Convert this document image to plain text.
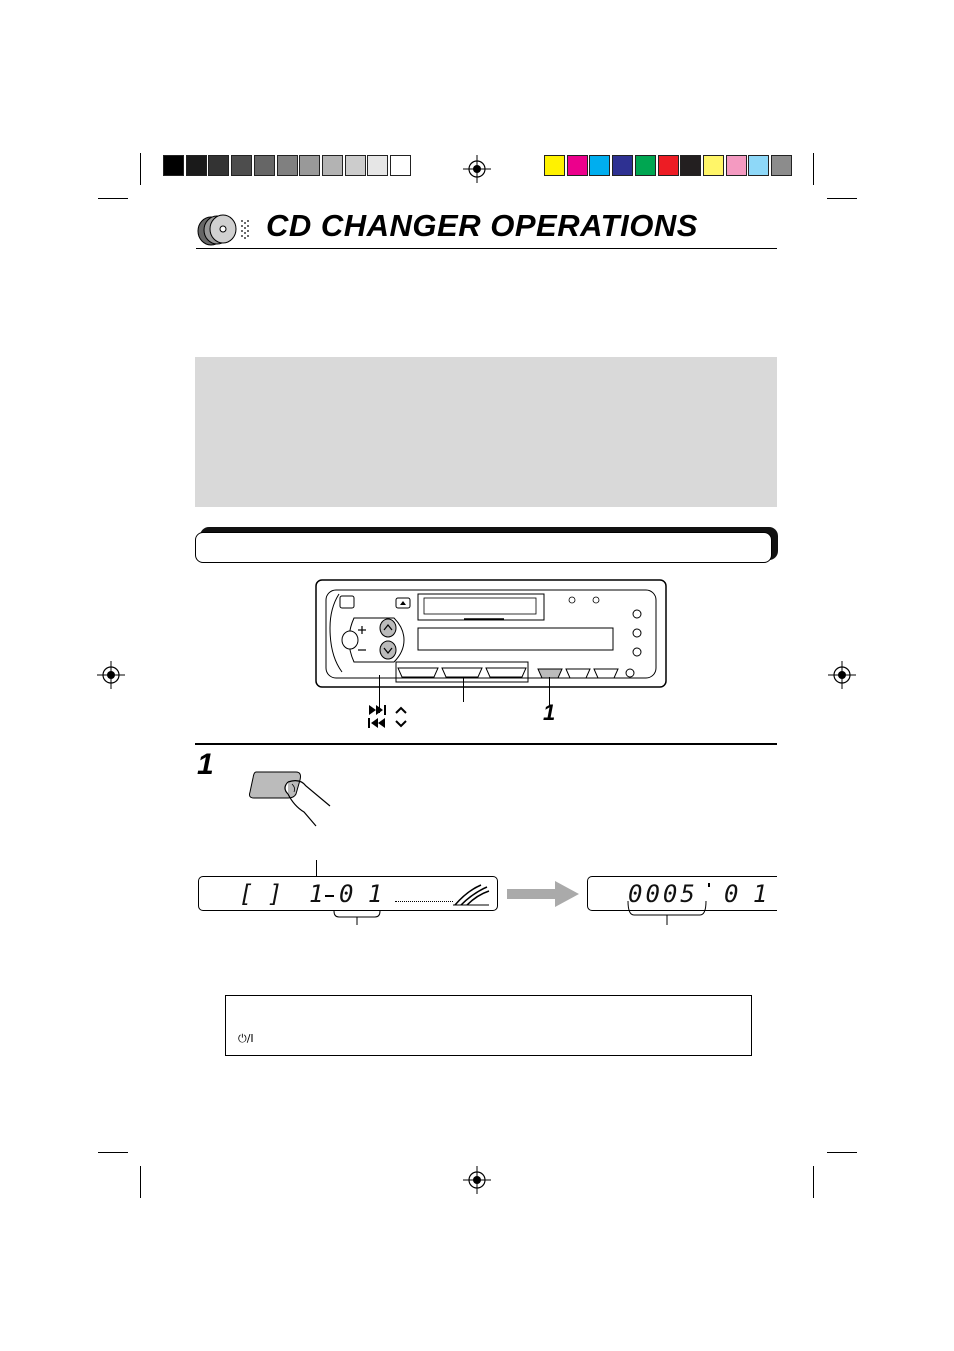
CD CHANGER OPERATIONS
1
1
[ ] 1 0 1	0005 0 1
⏻/I
